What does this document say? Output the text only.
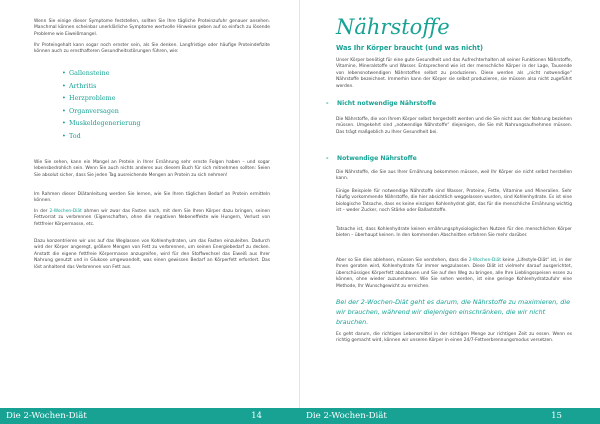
Wenn Sie einige dieser Symptome feststellen, sollten Sie Ihre tägliche Proteinzufuhr genauer ansehen. Manchmal können scheinbar unerklärliche Symptome wertvolle Hinweise geben auf so einfach zu lösende Probleme wie Eiweißmangel.

Ihr Proteingehalt kann sogar noch ernster sein, als Sie denken. Langfristige oder häufige Proteindefizite können auch zu ernsthafteren Gesundheitsstörungen führen, wie:

• Gallensteine
• Arthritis
• Herzprobleme
• Organversagen
• Muskeldegenerierung
• Tod

Wie Sie sehen, kann ein Mangel an Protein in Ihrer Ernährung sehr ernste Folgen haben – und sogar lebensbedrohlich sein. Wenn Sie auch nichts anderes aus diesem Buch für sich mitnehmen sollten: Seien Sie absolut sicher, dass Sie jeden Tag ausreichende Mengen an Protein zu sich nehmen!

Im Rahmen dieser Diätanleitung werden Sie lernen, wie Sie Ihren täglichen Bedarf an Protein ermitteln können.

In der 2-Wochen-Diät ahmen wir zwar das Fasten nach, mit dem Sie Ihren Körper dazu bringen, seinen Fettvorrat zu verbrennen (Eigenschaften, ohne die negativen Nebeneffekte wie Hungern, Verlust von fettfreier Körpermasse, etc.

Dazu konzentrieren wir uns auf das Weglassen von Kohlenhydraten, um das Fasten einzuleiten. Dadurch wird der Körper angeregt, größere Mengen von Fett zu verbrennen, um seinen Energiebedarf zu decken. Anstatt die eigene fettfreie Körpermasse anzugreifen, wird für den Stoffwechsel das Eiweiß aus Ihrer Nahrung genutzt und in Glukose umgewandelt, was einen gewissen Bedarf an Körperfett erfordert. Das löst anhaltend das Verbrennen von Fett aus.

Nährstoffe
Was Ihr Körper braucht (und was nicht)

Unser Körper benötigt für eine gute Gesundheit und das Aufrechterhalten all seiner Funktionen Nährstoffe, Vitamine, Mineralstoffe und Wasser. Entsprechend wie ist der menschliche Körper in der Lage, Tausende von lebensnotwendigen Nährstoffen selbst zu produzieren. Diese werden als „nicht notwendige“ Nährstoffe bezeichnet. Immerhin kann der Körper sie selbst produzieren, sie müssen also nicht zugeführt werden.

- Nicht notwendige Nährstoffe

Die Nährstoffe, die von Ihrem Körper selbst hergestellt werden und die Sie nicht aus der Nahrung beziehen müssen. Umgekehrt sind „notwendige Nährstoffe“ diejenigen, die Sie mit Nahrungsaufnehmen müssen. Das trägt maßgeblich zu Ihrer Gesundheit bei.

- Notwendige Nährstoffe

Die Nährstoffe, die Sie aus Ihrer Ernährung bekommen müssen, weil Ihr Körper sie nicht selbst herstellen kann.

Einige Beispiele für notwendige Nährstoffe sind Wasser, Proteine, Fette, Vitamine und Mineralien. Sehr häufig vorkommende Nährstoffe, die hier absichtlich weggelassen wurden, sind Kohlenhydrate. Es ist eine biologische Tatsache, dass es keine einzigen Kohlenhydrat gibt, das für die menschliche Ernährung wichtig ist – weder Zucker, noch Stärke oder Ballaststoffe.

Tatsache ist, dass Kohlenhydrate keinen ernährungsphysiologischen Nutzen für den menschlichen Körper bieten – überhaupt keinen. In den kommenden Abschnitten erfahren Sie mehr darüber.

Aber so Sie dies ablehnen, müssen Sie verstehen, dass die 2-Wochen-Diät keine „Lifestyle-Diät“ ist, in der Ihnen geraten wird, Kohlenhydrate für immer wegzulassen. Diese Diät ist vielmehr darauf ausgerichtet, überschüssiges Körperfett abzubauen und Sie auf den Weg zu bringen, alle Ihre Lieblingsspeisen essen zu können, ohne wieder zuzunehmen. Wie Sie sehen werden, ist eine geringe Kohlenhydratzufuhr eine Methode, Ihr Wunschgewicht zu erreichen.

Bei der 2-Wochen-Diät geht es darum, die Nährstoffe zu maximieren, die wir brauchen, während wir diejenigen einschränken, die wir nicht brauchen.

Es geht darum, die richtigen Lebensmittel in der richtigen Menge zur richtigen Zeit zu essen. Wenn es richtig gemacht wird, können wir unseren Körper in einen 24/7-Fettverbrennungsmodus versetzen.

Die 2-Wochen-Diät	14	Die 2-Wochen-Diät	15
